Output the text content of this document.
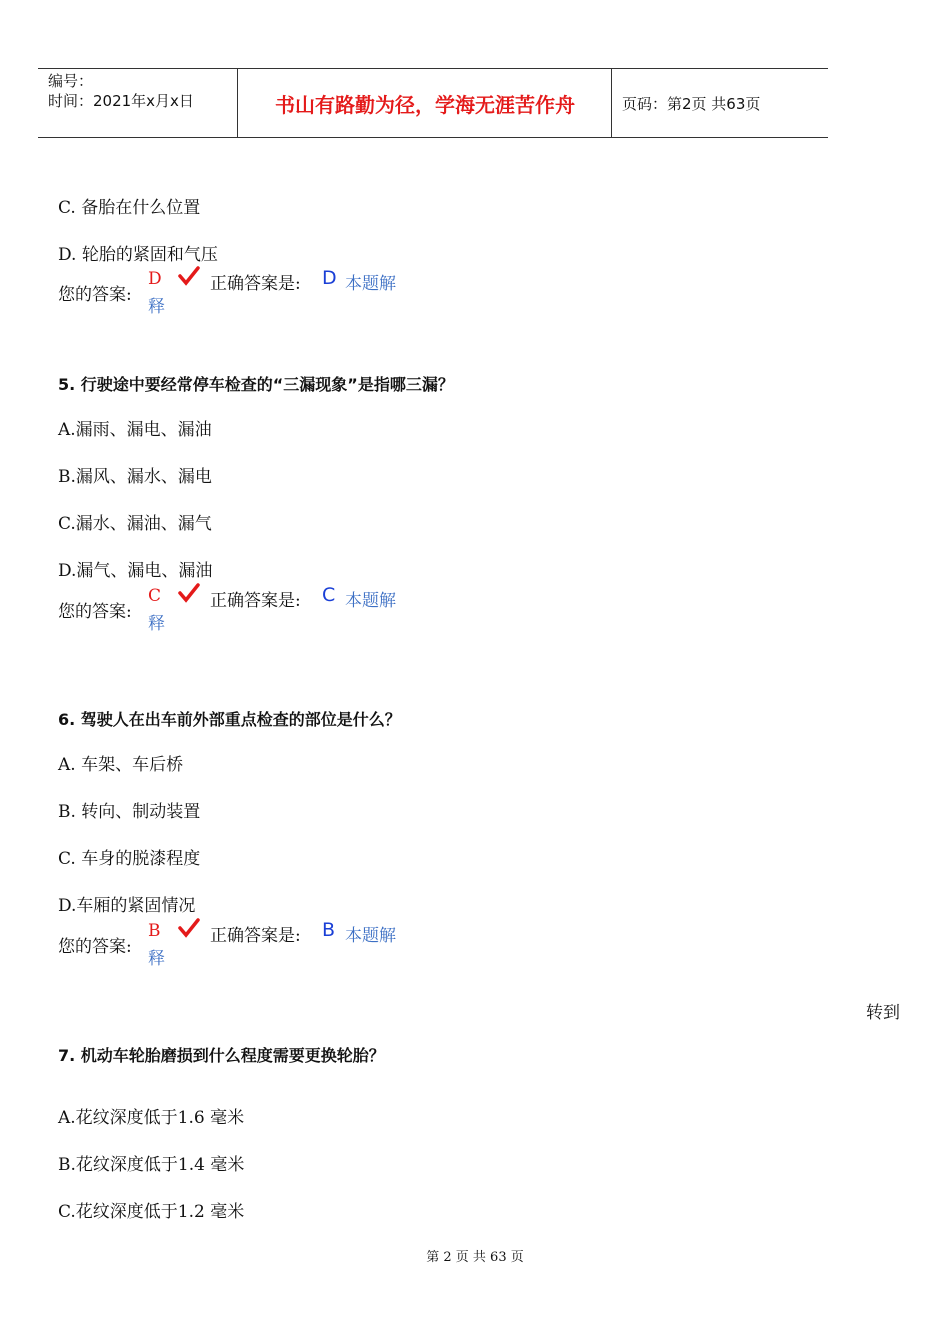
编号：
时间：2021年x月x日	书山有路勤为径，学海无涯苦作舟	页码：第2页 共63页
C. 备胎在什么位置
D. 轮胎的紧固和气压
您的答案:
D	正确答案是: D 本题解
释
5. 行驶途中要经常停车检查的“三漏现象”是指哪三漏？
A.漏雨、漏电、漏油
B.漏风、漏水、漏电
C.漏水、漏油、漏气
D.漏气、漏电、漏油
您的答案:
C	正确答案是: C 本题解
释
6. 驾驶人在出车前外部重点检查的部位是什么？
A. 车架、车后桥
B. 转向、制动装置
C. 车身的脱漆程度
D.车厢的紧固情况
您的答案:
B	正确答案是: B 本题解
释
转到
7. 机动车轮胎磨损到什么程度需要更换轮胎？
A.花纹深度低于1.6 毫米
B.花纹深度低于1.4 毫米
C.花纹深度低于1.2 毫米
第 2 页 共 63 页
